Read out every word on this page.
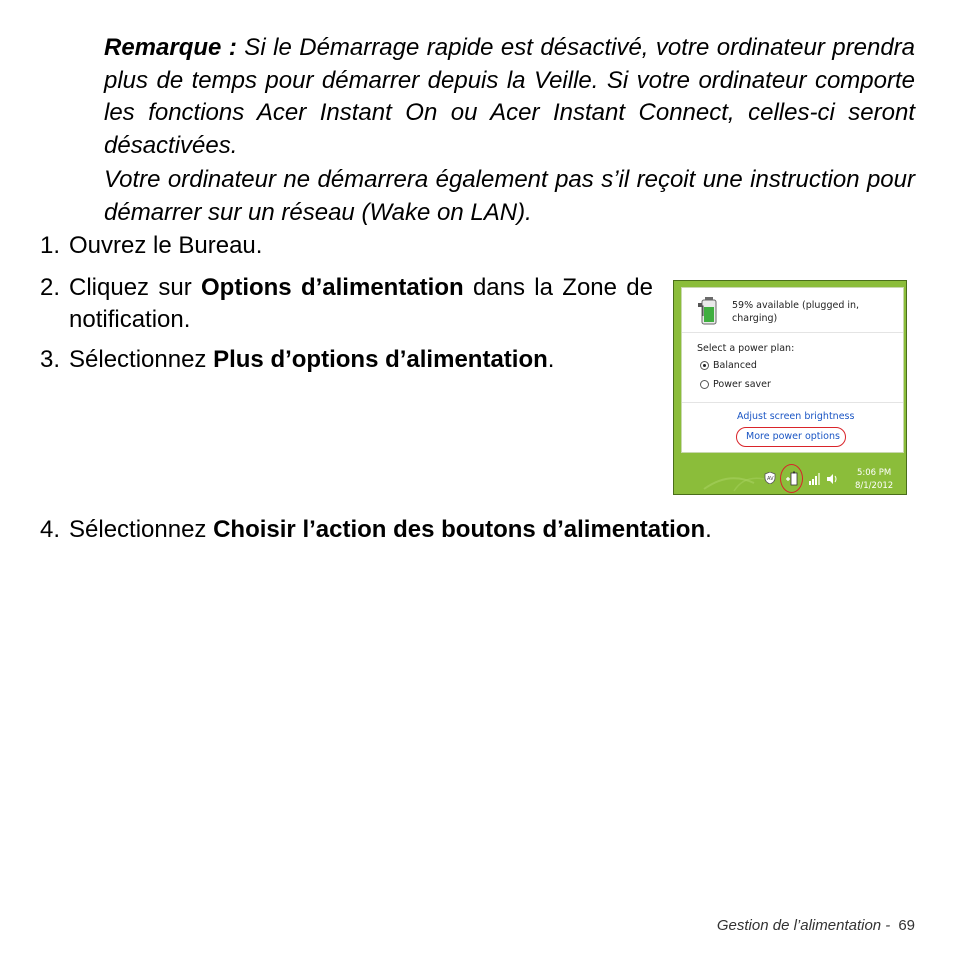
Remarque : Si le Démarrage rapide est désactivé, votre ordinateur prendra plus de temps pour démarrer depuis la Veille. Si votre ordinateur comporte les fonctions Acer Instant On ou Acer Instant Connect, celles-ci seront désactivées.

Votre ordinateur ne démarrera également pas s’il reçoit une instruction pour démarrer sur un réseau (Wake on LAN).

1. Ouvrez le Bureau.
2. Cliquez sur Options d’alimentation dans la Zone de notification.
3. Sélectionnez Plus d’options d’alimentation.
4. Sélectionnez Choisir l’action des boutons d’alimentation.
59% available (plugged in, charging)
Select a power plan:
Balanced
Power saver
Adjust screen brightness
More power options
AV
5:06 PM
8/1/2012
Gestion de l’alimentation - 69
